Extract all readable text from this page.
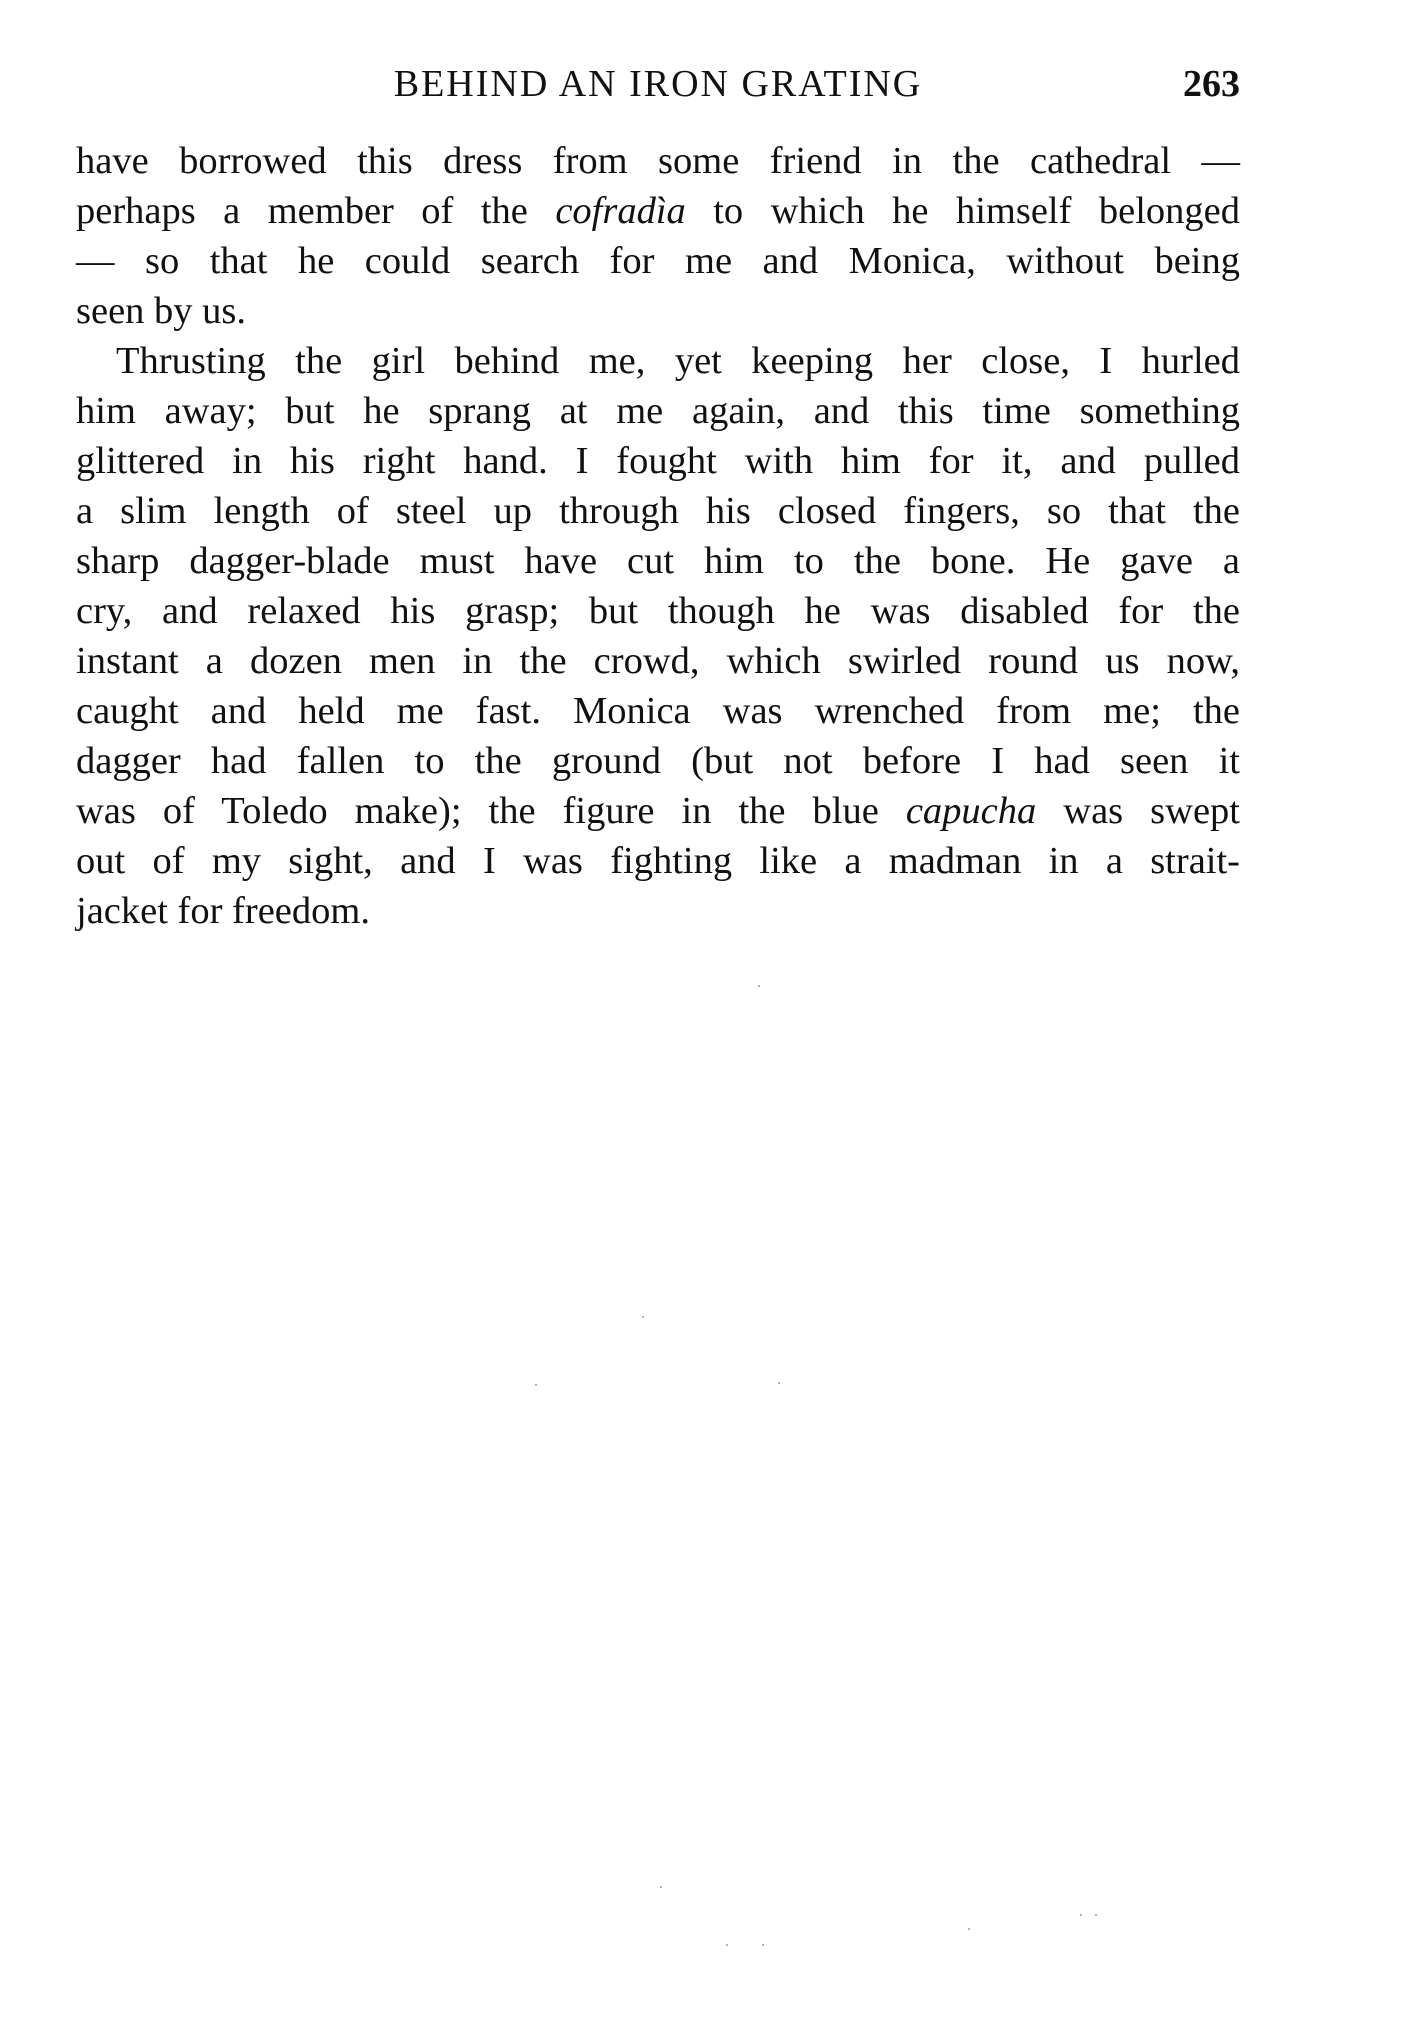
BEHIND AN IRON GRATING	263
have borrowed this dress from some friend in the cathedral —
perhaps a member of the cofradìa to which he himself belonged
— so that he could search for me and Monica, without being
seen by us.
Thrusting the girl behind me, yet keeping her close, I hurled
him away; but he sprang at me again, and this time something
glittered in his right hand. I fought with him for it, and pulled
a slim length of steel up through his closed fingers, so that the
sharp dagger-blade must have cut him to the bone. He gave a
cry, and relaxed his grasp; but though he was disabled for the
instant a dozen men in the crowd, which swirled round us now,
caught and held me fast. Monica was wrenched from me; the
dagger had fallen to the ground (but not before I had seen it
was of Toledo make); the figure in the blue capucha was swept
out of my sight, and I was fighting like a madman in a strait-
jacket for freedom.
